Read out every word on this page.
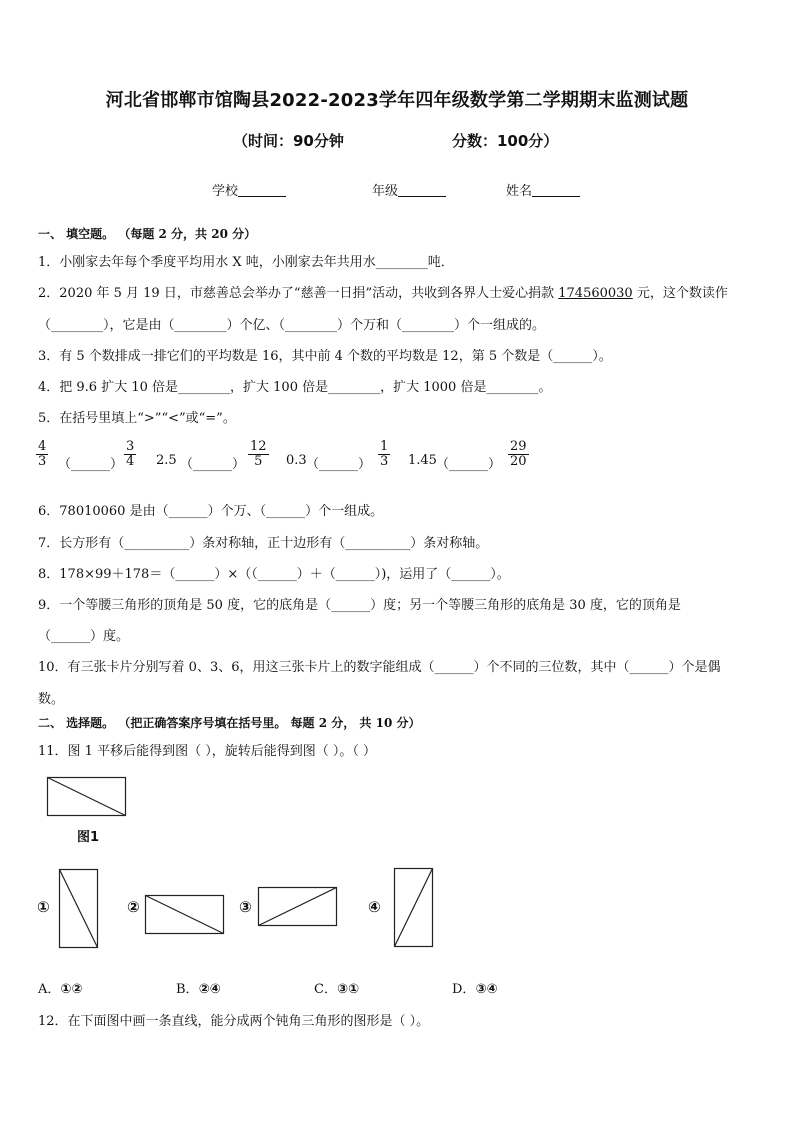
河北省邯郸市馆陶县2022-2023学年四年级数学第二学期期末监测试题
（时间：90分钟	分数：100分）
学校	年级	姓名
一、 填空题。 （每题 2 分，共 20 分）
1．小刚家去年每个季度平均用水 X 吨，小刚家去年共用水________吨．
2．2020 年 5 月 19 日，市慈善总会举办了“慈善一日捐”活动，共收到各界人士爱心捐款 174560030 元，这个数读作
（________），它是由（________）个亿、（________）个万和（________）个一组成的。
3．有 5 个数排成一排它们的平均数是 16，其中前 4 个数的平均数是 12，第 5 个数是（______）。
4．把 9.6 扩大 10 倍是________，扩大 100 倍是________，扩大 1000 倍是________。
5．在括号里填上“>”“<”或“=”。
$\frac{4}{3}$ （______） $\frac{3}{4} 2.5$ （______） $\frac{12}{5} 0.3$ （______） $\frac{1}{3} 1.45$ （______） $\frac{29}{20}$
6．78010060 是由（______）个万、（______）个一组成。
7．长方形有（__________）条对称轴，正十边形有（__________）条对称轴。
8．178×99＋178＝（______）×（（______）＋（______）)，运用了（______）。
9．一个等腰三角形的顶角是 50 度，它的底角是（______）度；另一个等腰三角形的底角是 30 度，它的顶角是
（______）度。
10．有三张卡片分别写着 0、3、6，用这三张卡片上的数字能组成（______）个不同的三位数，其中（______）个是偶
数。
二、 选择题。 （把正确答案序号填在括号里。 每题 2 分， 共 10 分）
11．图 1 平移后能得到图（ ），旋转后能得到图（ ）。（ ）
图1
①	②	③	④
A．①②	B．②④	C．③①	D．③④
12．在下面图中画一条直线，能分成两个钝角三角形的图形是（ ）。
